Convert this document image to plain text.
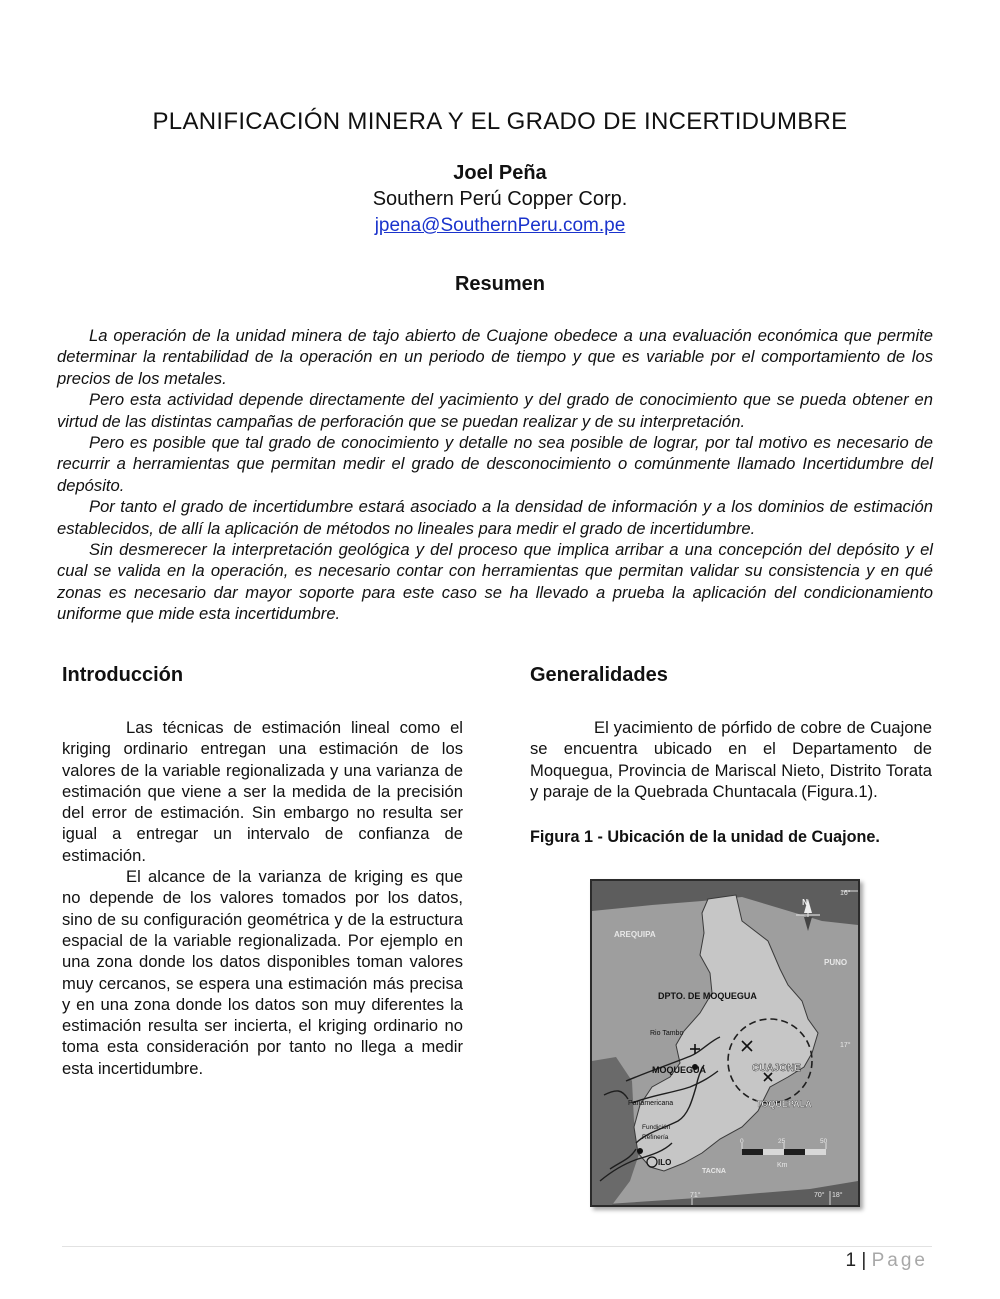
PLANIFICACIÓN MINERA Y EL GRADO DE INCERTIDUMBRE
Joel Peña
Southern Perú Copper Corp.
jpena@SouthernPeru.com.pe
Resumen

La operación de la unidad minera de tajo abierto de Cuajone obedece a una evaluación económica que permite determinar la rentabilidad de la operación en un periodo de tiempo y que es variable por el comportamiento de los precios de los metales.

Pero esta actividad depende directamente del yacimiento y del grado de conocimiento que se pueda obtener en virtud de las distintas campañas de perforación que se puedan realizar y de su interpretación.

Pero es posible que tal grado de conocimiento y detalle no sea posible de lograr, por tal motivo es necesario de recurrir a herramientas que permitan medir el grado de desconocimiento o comúnmente llamado Incertidumbre del depósito.

Por tanto el grado de incertidumbre estará asociado a la densidad de información y a los dominios de estimación establecidos, de allí la aplicación de métodos no lineales para medir el grado de incertidumbre.

Sin desmerecer la interpretación geológica y del proceso que implica arribar a una concepción del depósito y el cual se valida en la operación, es necesario contar con herramientas que permitan validar su consistencia y en qué zonas es necesario dar mayor soporte para este caso se ha llevado a prueba la aplicación del condicionamiento uniforme que mide esta incertidumbre.

Introducción

Las técnicas de estimación lineal como el kriging ordinario entregan una estimación de los valores de la variable regionalizada y una varianza de estimación que viene a ser la medida de la precisión del error de estimación. Sin embargo no resulta ser igual a entregar un intervalo de confianza de estimación.

El alcance de la varianza de kriging es que no depende de los valores tomados por los datos, sino de su configuración geométrica y de la estructura espacial de la variable regionalizada. Por ejemplo en una zona donde los datos disponibles toman valores muy cercanos, se espera una estimación más precisa y en una zona donde los datos son muy diferentes la estimación resulta ser incierta, el kriging ordinario no toma esta consideración por tanto no llega a medir esta incertidumbre.

Generalidades

El yacimiento de pórfido de cobre de Cuajone se encuentra ubicado en el Departamento de Moquegua, Provincia de Mariscal Nieto, Distrito Torata y paraje de la Quebrada Chuntacala (Figura.1).

Figura 1 - Ubicación de la unidad de Cuajone.

AREQUIPA
PUNO
DPTO. DE MOQUEGUA
Rio Tambo
MOQUEGUA	CUAJONE
TOQUEPALA
Panamericana
Fundición
Refinería
ILO
TACNA
N
Km
0	25	50
16°
17°
18°
71°	70°
1 | Page
